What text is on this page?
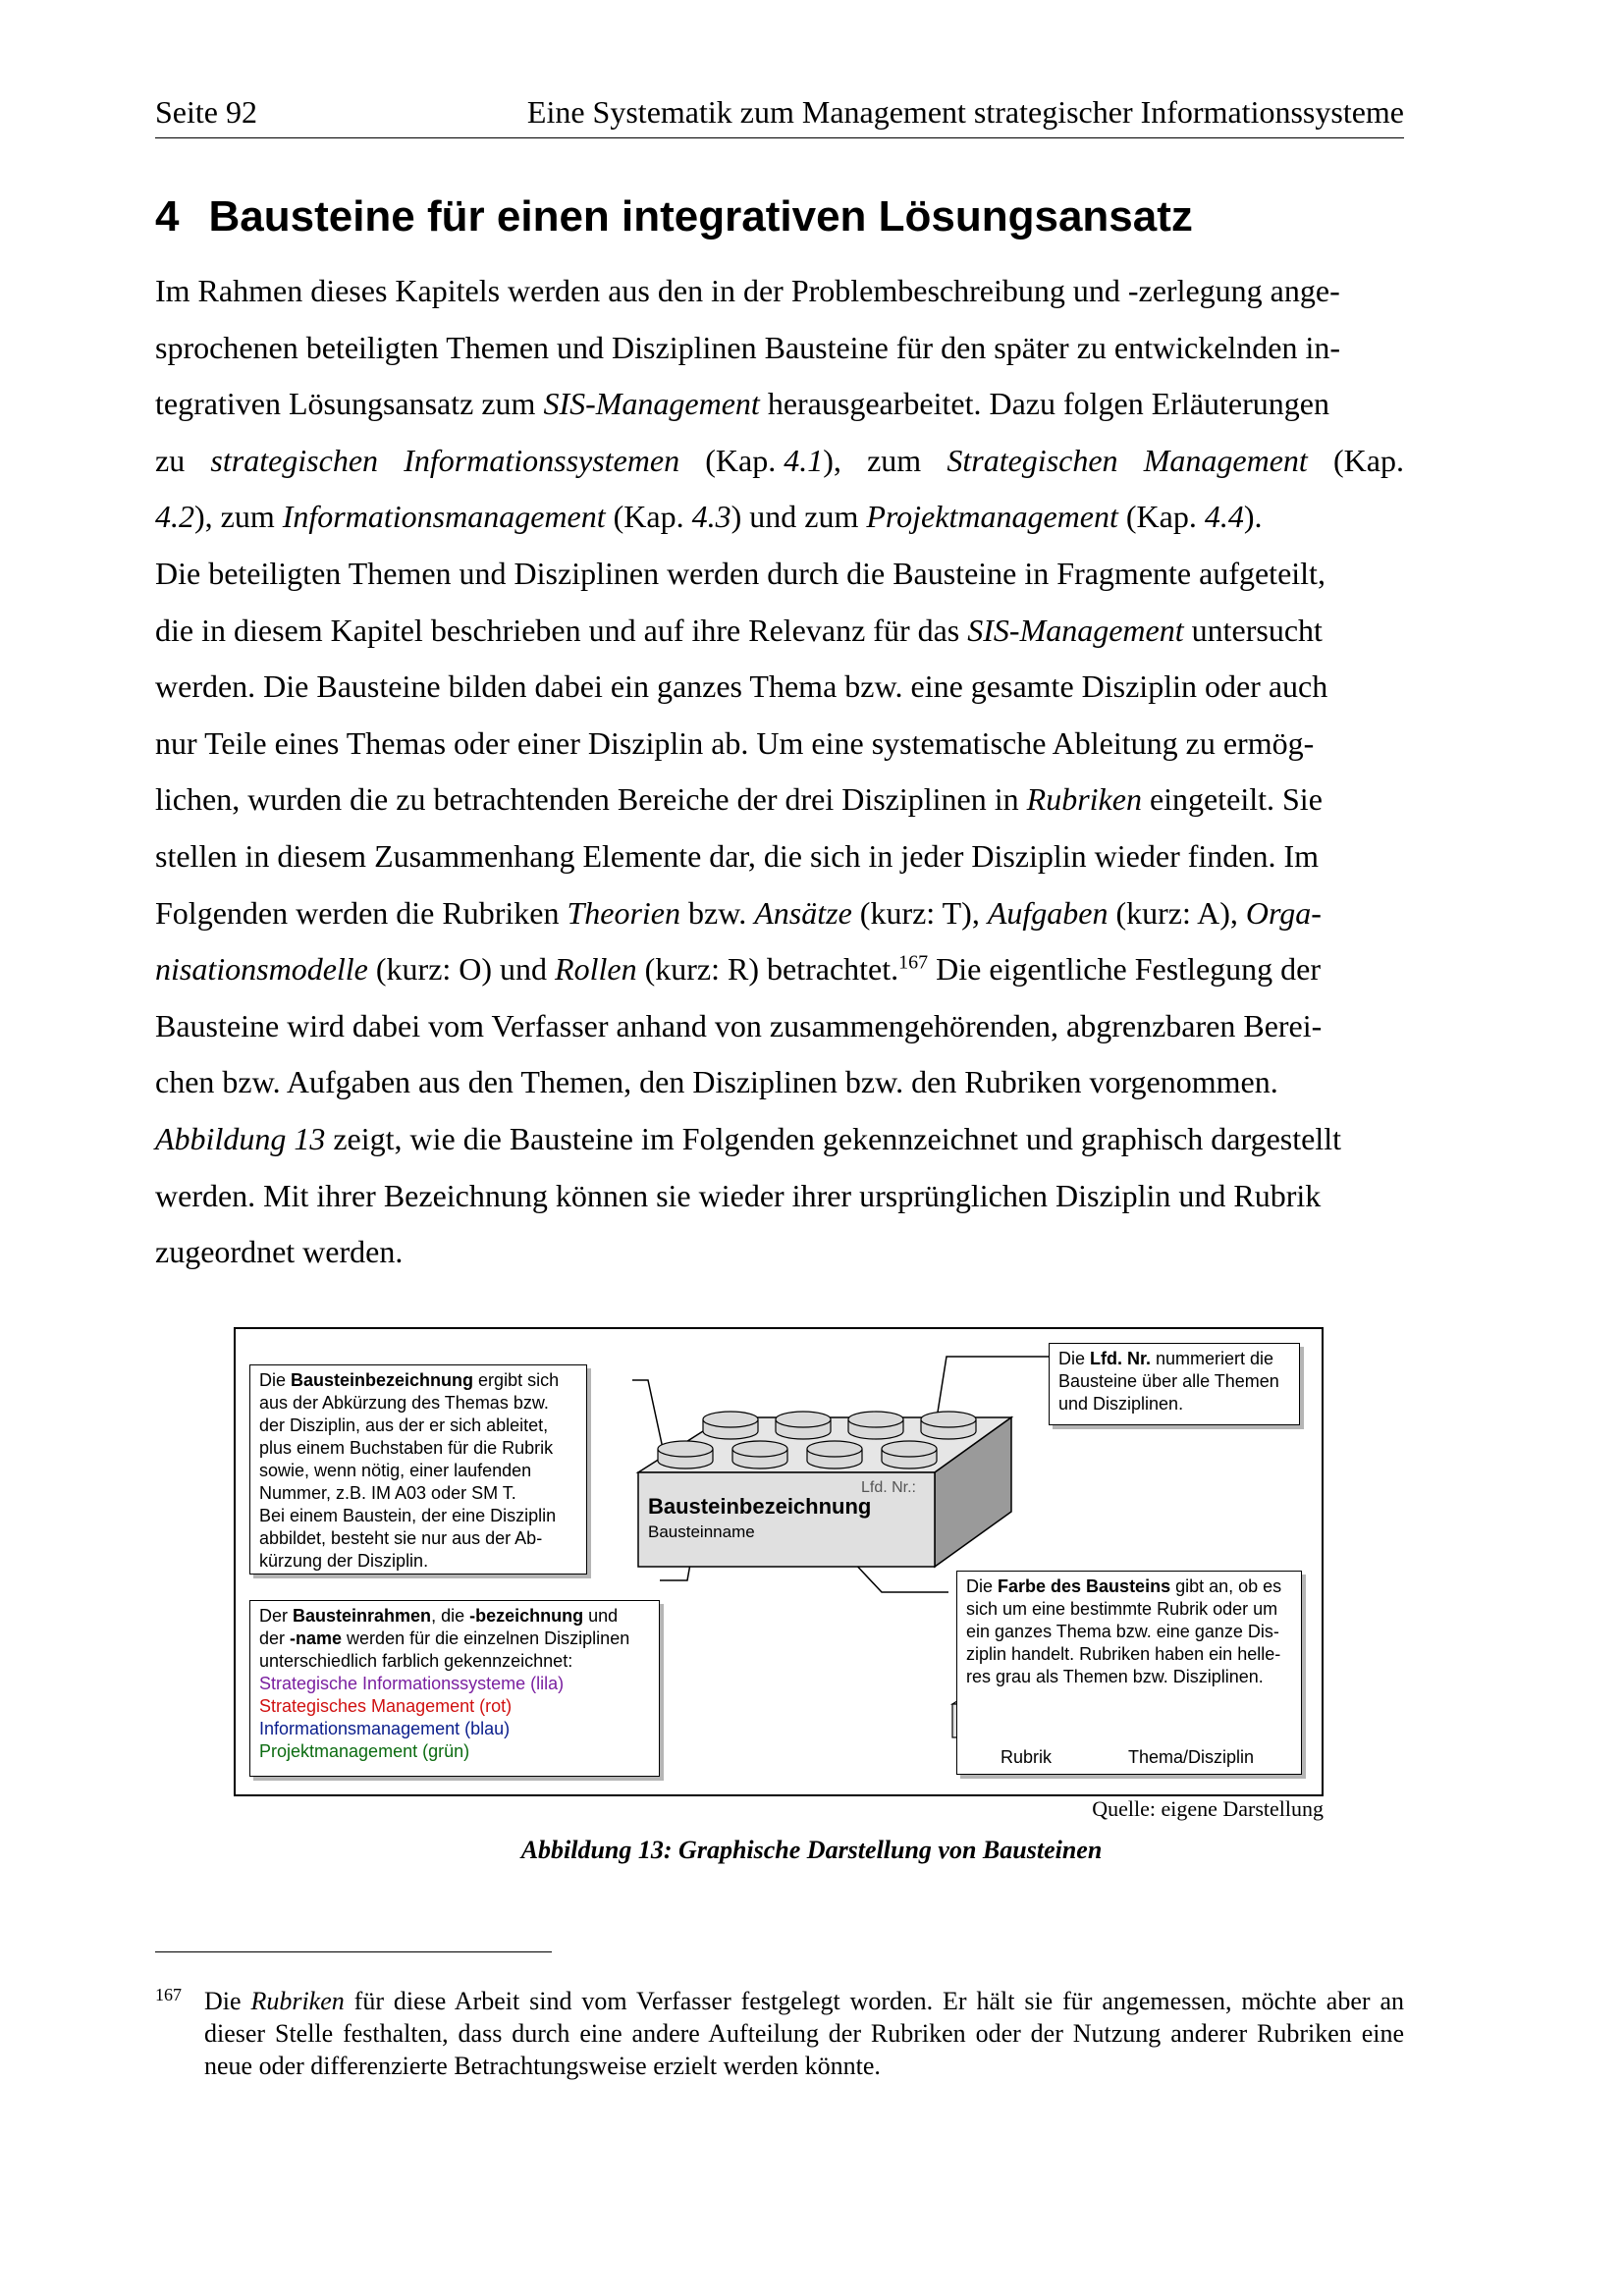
Seite 92	Eine Systematik zum Management strategischer Informationssysteme
4 Bausteine für einen integrativen Lösungsansatz
Im Rahmen dieses Kapitels werden aus den in der Problembeschreibung und -zerlegung ange-
sprochenen beteiligten Themen und Disziplinen Bausteine für den später zu entwickelnden in-
tegrativen Lösungsansatz zum SIS-Management herausgearbeitet. Dazu folgen Erläuterungen
zu strategischen Informationssystemen (Kap. 4.1), zum Strategischen Management (Kap.
4.2), zum Informationsmanagement (Kap. 4.3) und zum Projektmanagement (Kap. 4.4).
Die beteiligten Themen und Disziplinen werden durch die Bausteine in Fragmente aufgeteilt,
die in diesem Kapitel beschrieben und auf ihre Relevanz für das SIS-Management untersucht
werden. Die Bausteine bilden dabei ein ganzes Thema bzw. eine gesamte Disziplin oder auch
nur Teile eines Themas oder einer Disziplin ab. Um eine systematische Ableitung zu ermög-
lichen, wurden die zu betrachtenden Bereiche der drei Disziplinen in Rubriken eingeteilt. Sie
stellen in diesem Zusammenhang Elemente dar, die sich in jeder Disziplin wieder finden. Im
Folgenden werden die Rubriken Theorien bzw. Ansätze (kurz: T), Aufgaben (kurz: A), Orga-
nisationsmodelle (kurz: O) und Rollen (kurz: R) betrachtet.$^{167}$ Die eigentliche Festlegung der
Bausteine wird dabei vom Verfasser anhand von zusammengehörenden, abgrenzbaren Berei-
chen bzw. Aufgaben aus den Themen, den Disziplinen bzw. den Rubriken vorgenommen.
Abbildung 13 zeigt, wie die Bausteine im Folgenden gekennzeichnet und graphisch dargestellt
werden. Mit ihrer Bezeichnung können sie wieder ihrer ursprünglichen Disziplin und Rubrik
zugeordnet werden.
Lfd. Nr.:
Bausteinbezeichnung
Bausteinname
Die Bausteinbezeichnung ergibt sich
aus der Abkürzung des Themas bzw.
der Disziplin, aus der er sich ableitet,
plus einem Buchstaben für die Rubrik
sowie, wenn nötig, einer laufenden
Nummer, z.B. IM A03 oder SM T.
Bei einem Baustein, der eine Disziplin
abbildet, besteht sie nur aus der Ab-
kürzung der Disziplin.
Die Lfd. Nr. nummeriert die
Bausteine über alle Themen
und Disziplinen.
Der Bausteinrahmen, die -bezeichnung und
der -name werden für die einzelnen Disziplinen
unterschiedlich farblich gekennzeichnet:
Strategische Informationssysteme (lila)
Strategisches Management (rot)
Informationsmanagement (blau)
Projektmanagement (grün)
Die Farbe des Bausteins gibt an, ob es
sich um eine bestimmte Rubrik oder um
ein ganzes Thema bzw. eine ganze Dis-
ziplin handelt. Rubriken haben ein helle-
res grau als Themen bzw. Disziplinen.
Rubrik	Thema/Disziplin
Quelle: eigene Darstellung
Abbildung 13: Graphische Darstellung von Bausteinen
167 Die Rubriken für diese Arbeit sind vom Verfasser festgelegt worden. Er hält sie für angemessen, möchte aber an dieser Stelle festhalten, dass durch eine andere Aufteilung der Rubriken oder der Nutzung anderer Rubriken eine neue oder differenzierte Betrachtungsweise erzielt werden könnte.
